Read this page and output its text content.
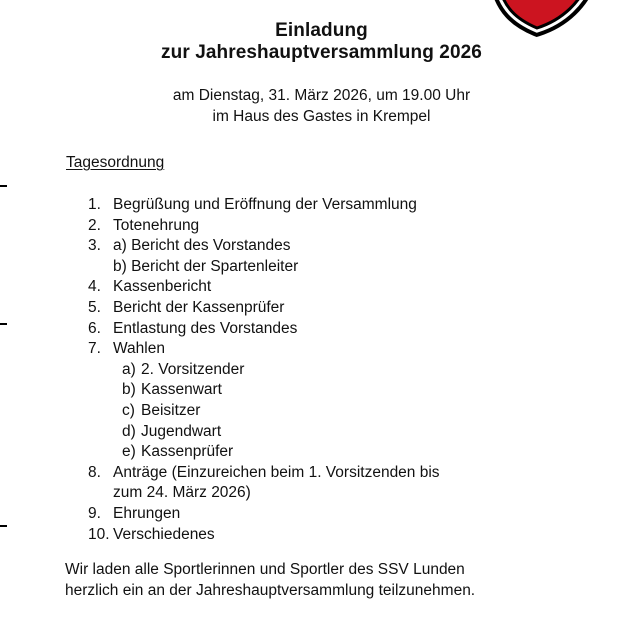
Einladung
zur Jahreshauptversammlung 2026
am Dienstag, 31. März 2026, um 19.00 Uhr
im Haus des Gastes in Krempel
Tagesordnung
1. Begrüßung und Eröffnung der Versammlung
2. Totenehrung
3. a) Bericht des Vorstandes
b) Bericht der Spartenleiter
4. Kassenbericht
5. Bericht der Kassenprüfer
6. Entlastung des Vorstandes
7. Wahlen
a) 2. Vorsitzender
b) Kassenwart
c) Beisitzer
d) Jugendwart
e) Kassenprüfer
8. Anträge (Einzureichen beim 1. Vorsitzenden bis
zum 24. März 2026)
9. Ehrungen
10. Verschiedenes
Wir laden alle Sportlerinnen und Sportler des SSV Lunden
herzlich ein an der Jahreshauptversammlung teilzunehmen.
